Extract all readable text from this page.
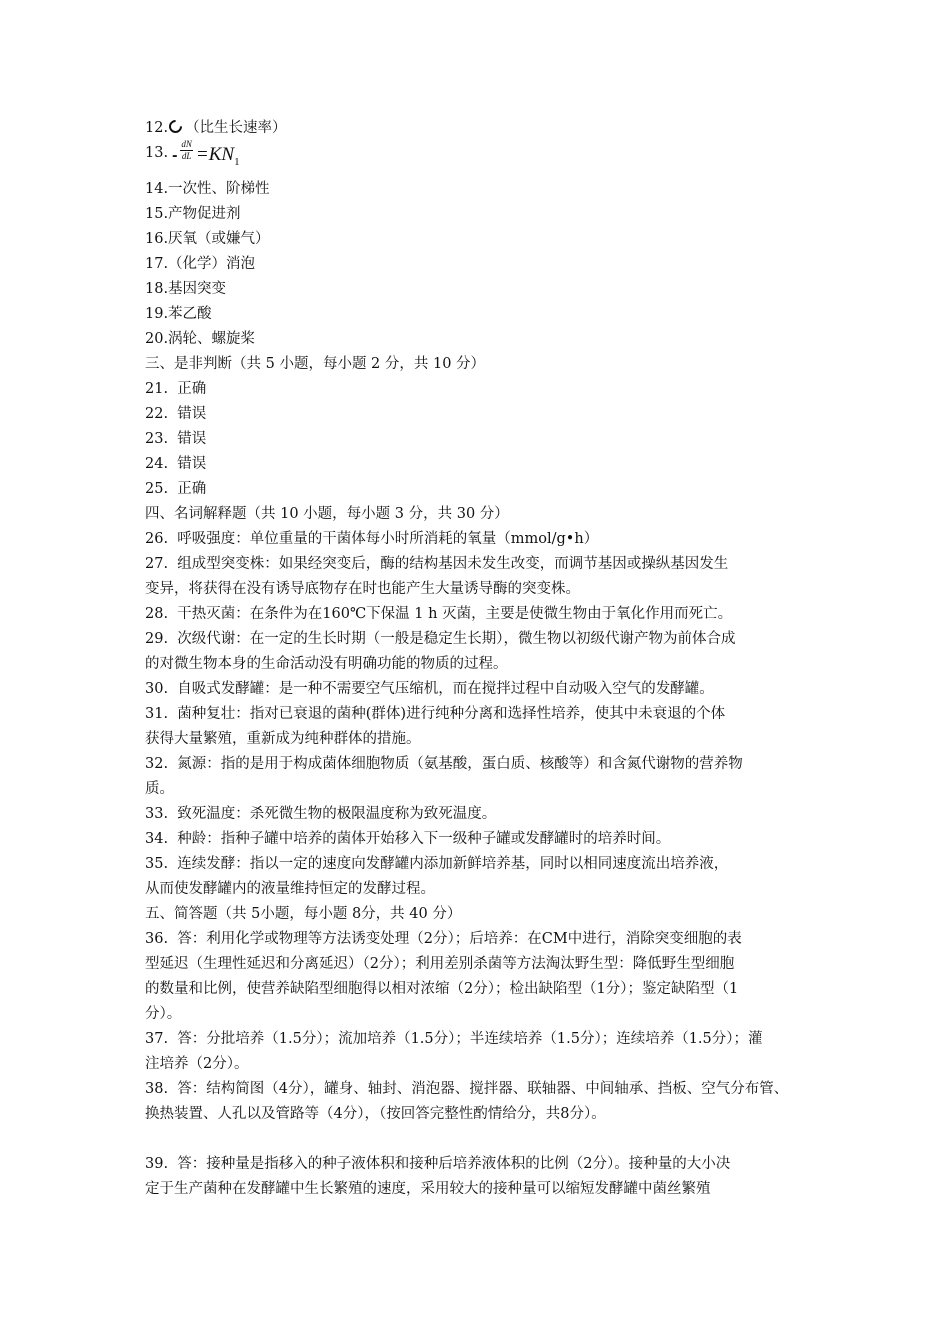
12. （比生长速率）
13. - $\frac{dN}{dL} =KN_1$
14.一次性、阶梯性
15.产物促进剂
16.厌氧（或嫌气）
17.（化学）消泡
18.基因突变
19.苯乙酸
20.涡轮、螺旋桨
三、是非判断（共 5 小题，每小题 2 分，共 10 分）
21.  正确
22.  错误
23.  错误
24.  错误
25.  正确
四、名词解释题（共 10 小题，每小题 3 分，共 30 分）
26.  呼吸强度：单位重量的干菌体每小时所消耗的氧量（mmol/g•h）
27.  组成型突变株：如果经突变后，酶的结构基因未发生改变，而调节基因或操纵基因发生
变异，将获得在没有诱导底物存在时也能产生大量诱导酶的突变株。
28.  干热灭菌：在条件为在160℃下保温 1 h 灭菌，主要是使微生物由于氧化作用而死亡。
29.  次级代谢：在一定的生长时期（一般是稳定生长期），微生物以初级代谢产物为前体合成
的对微生物本身的生命活动没有明确功能的物质的过程。
30.  自吸式发酵罐：是一种不需要空气压缩机，而在搅拌过程中自动吸入空气的发酵罐。
31.  菌种复壮：指对已衰退的菌种(群体)进行纯种分离和选择性培养，使其中未衰退的个体
获得大量繁殖，重新成为纯种群体的措施。
32.  氮源：指的是用于构成菌体细胞物质（氨基酸，蛋白质、核酸等）和含氮代谢物的营养物
质。
33.  致死温度：杀死微生物的极限温度称为致死温度。
34.  种龄：指种子罐中培养的菌体开始移入下一级种子罐或发酵罐时的培养时间。
35.  连续发酵：指以一定的速度向发酵罐内添加新鲜培养基，同时以相同速度流出培养液，
从而使发酵罐内的液量维持恒定的发酵过程。
五、简答题（共 5小题，每小题 8分，共 40 分）
36.  答：利用化学或物理等方法诱变处理（2分）；后培养：在CM中进行，消除突变细胞的表
型延迟（生理性延迟和分离延迟）（2分）；利用差别杀菌等方法淘汰野生型：降低野生型细胞
的数量和比例，使营养缺陷型细胞得以相对浓缩（2分）；检出缺陷型（1分）；鉴定缺陷型（1
分）。
37.  答：分批培养（1.5分）；流加培养（1.5分）；半连续培养（1.5分）；连续培养（1.5分）；灌
注培养（2分）。
38.  答：结构简图（4分），罐身、轴封、消泡器、搅拌器、联轴器、中间轴承、挡板、空气分布管、
换热装置、人孔以及管路等（4分），（按回答完整性酌情给分，共8分）。
39.  答：接种量是指移入的种子液体积和接种后培养液体积的比例（2分）。接种量的大小决
定于生产菌种在发酵罐中生长繁殖的速度，采用较大的接种量可以缩短发酵罐中菌丝繁殖
